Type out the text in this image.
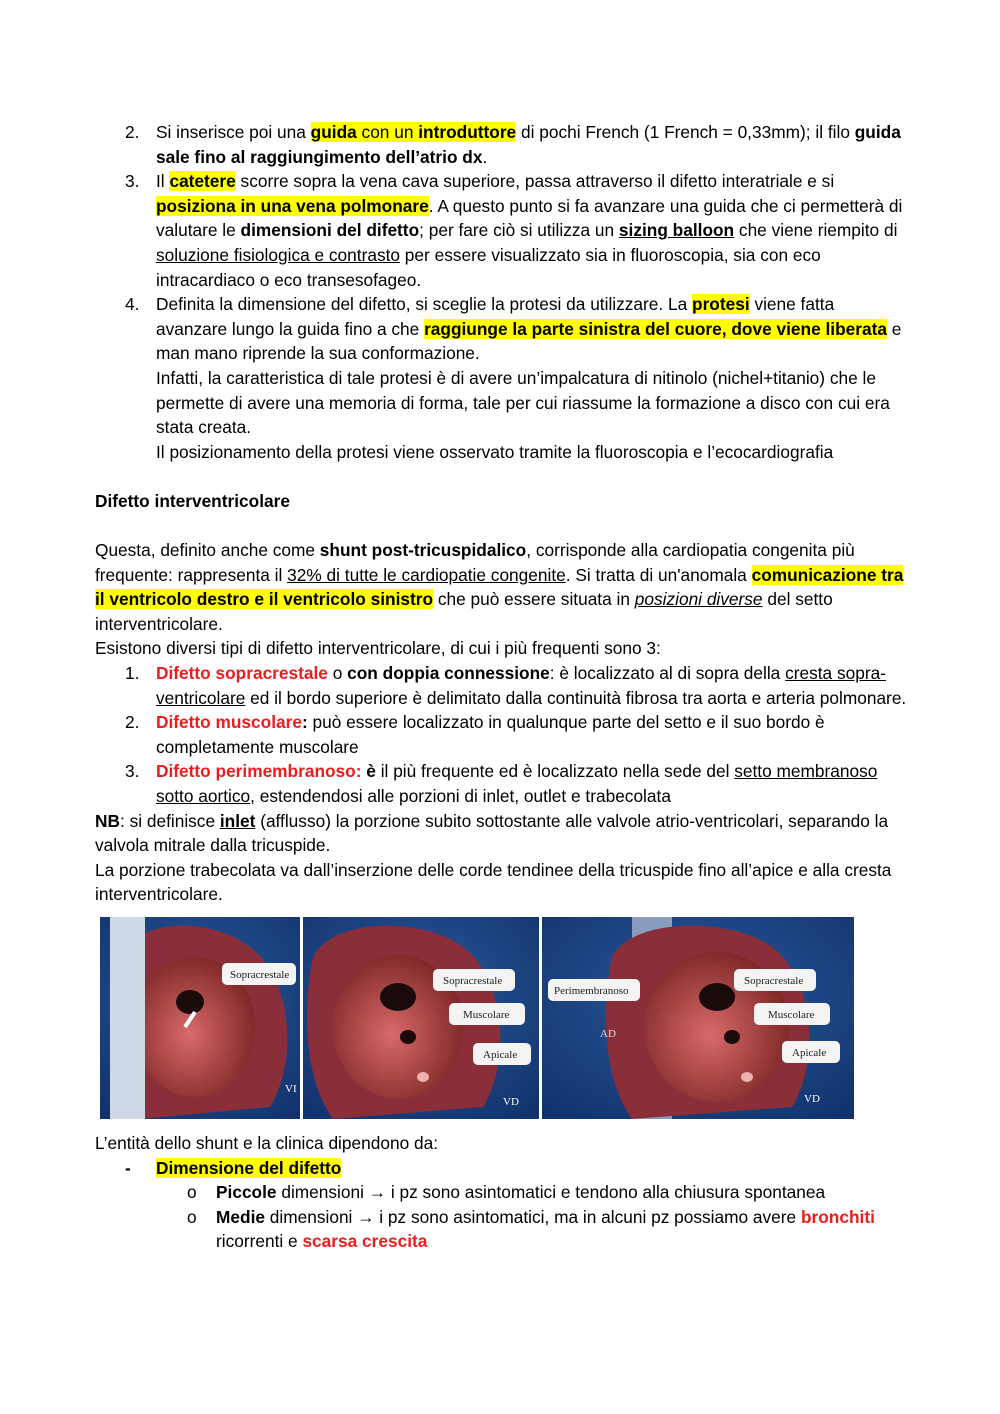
2. Si inserisce poi una guida con un introduttore di pochi French (1 French = 0,33mm); il filo guida sale fino al raggiungimento dell’atrio dx.

3. Il catetere scorre sopra la vena cava superiore, passa attraverso il difetto interatriale e si posiziona in una vena polmonare. A questo punto si fa avanzare una guida che ci permetterà di valutare le dimensioni del difetto; per fare ciò si utilizza un sizing balloon che viene riempito di soluzione fisiologica e contrasto per essere visualizzato sia in fluoroscopia, sia con eco intracardiaco o eco transesofageo.

4. Definita la dimensione del difetto, si sceglie la protesi da utilizzare. La protesi viene fatta avanzare lungo la guida fino a che raggiunge la parte sinistra del cuore, dove viene liberata e man mano riprende la sua conformazione.

Infatti, la caratteristica di tale protesi è di avere un’impalcatura di nitinolo (nichel+titanio) che le permette di avere una memoria di forma, tale per cui riassume la formazione a disco con cui era stata creata.

Il posizionamento della protesi viene osservato tramite la fluoroscopia e l’ecocardiografia

Difetto interventricolare

Questa, definito anche come shunt post-tricuspidalico, corrisponde alla cardiopatia congenita più frequente: rappresenta il 32% di tutte le cardiopatie congenite. Si tratta di un'anomala comunicazione tra il ventricolo destro e il ventricolo sinistro che può essere situata in posizioni diverse del setto interventricolare.

Esistono diversi tipi di difetto interventricolare, di cui i più frequenti sono 3:

1. Difetto sopracrestale o con doppia connessione: è localizzato al di sopra della cresta sopra-ventricolare ed il bordo superiore è delimitato dalla continuità fibrosa tra aorta e arteria polmonare.

2. Difetto muscolare: può essere localizzato in qualunque parte del setto e il suo bordo è completamente muscolare

3. Difetto perimembranoso: è il più frequente ed è localizzato nella sede del setto membranoso sotto aortico, estendendosi alle porzioni di inlet, outlet e trabecolata

NB: si definisce inlet (afflusso) la porzione subito sottostante alle valvole atrio-ventricolari, separando la valvola mitrale dalla tricuspide.

La porzione trabecolata va dall’inserzione delle corde tendinee della tricuspide fino all’apice e alla cresta interventricolare.

Sopracrestale
VI
Sopracrestale
Muscolare
Apicale
VD
Perimembranoso
Sopracrestale
Muscolare
Apicale
AD
VD

L’entità dello shunt e la clinica dipendono da:

- Dimensione del difetto

o Piccole dimensioni → i pz sono asintomatici e tendono alla chiusura spontanea

o Medie dimensioni → i pz sono asintomatici, ma in alcuni pz possiamo avere bronchiti ricorrenti e scarsa crescita
